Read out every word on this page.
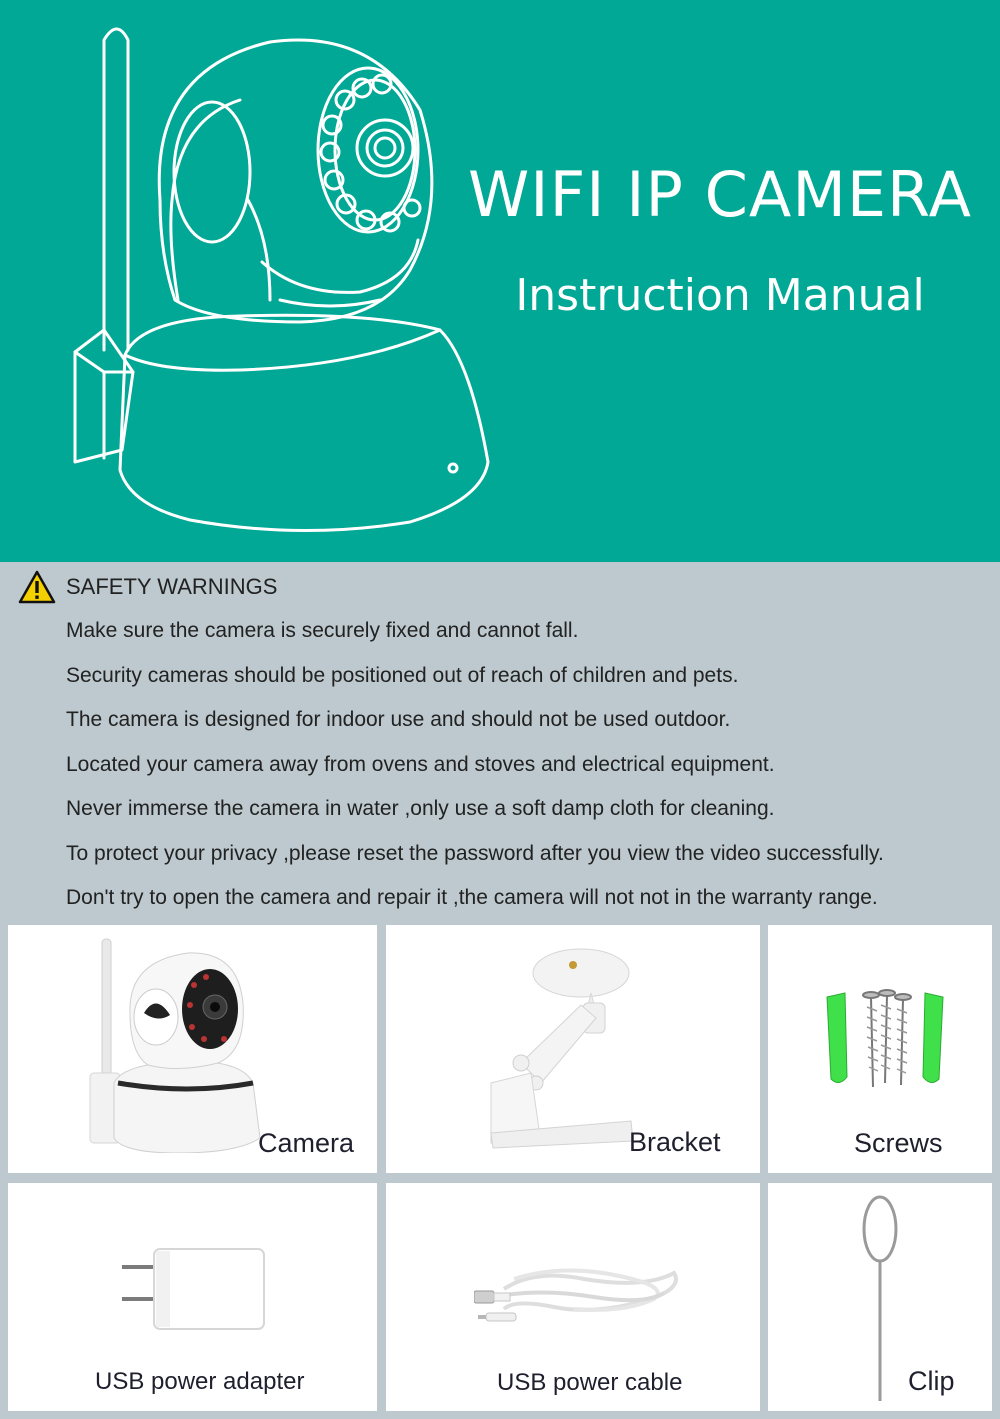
WIFI IP CAMERA
Instruction Manual
SAFETY WARNINGS
Make sure the camera is securely fixed and cannot fall.
Security cameras should be positioned out of reach of children and pets.
The camera is designed for indoor use and should not be used outdoor.
Located your camera away from ovens and stoves and electrical equipment.
Never immerse the camera in water ,only use a soft damp cloth for cleaning.
To protect your privacy ,please reset the password after you view the video successfully.
Don't try to open the camera and repair it ,the camera will not not in the warranty range.
Camera	Bracket	Screws
USB power adapter	USB power cable	Clip
